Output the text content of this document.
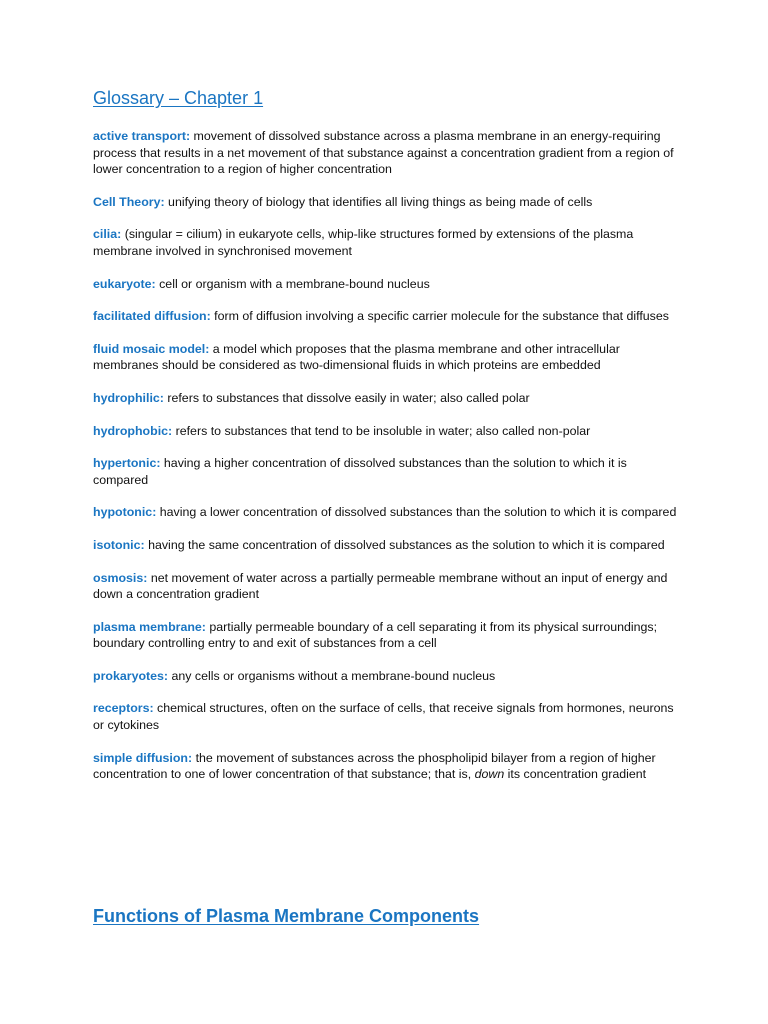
Glossary – Chapter 1

active transport: movement of dissolved substance across a plasma membrane in an energy-requiring process that results in a net movement of that substance against a concentration gradient from a region of lower concentration to a region of higher concentration

Cell Theory: unifying theory of biology that identifies all living things as being made of cells

cilia: (singular = cilium) in eukaryote cells, whip-like structures formed by extensions of the plasma membrane involved in synchronised movement

eukaryote: cell or organism with a membrane-bound nucleus

facilitated diffusion: form of diffusion involving a specific carrier molecule for the substance that diffuses

fluid mosaic model: a model which proposes that the plasma membrane and other intracellular membranes should be considered as two-dimensional fluids in which proteins are embedded

hydrophilic: refers to substances that dissolve easily in water; also called polar

hydrophobic: refers to substances that tend to be insoluble in water; also called non-polar

hypertonic: having a higher concentration of dissolved substances than the solution to which it is compared

hypotonic: having a lower concentration of dissolved substances than the solution to which it is compared

isotonic: having the same concentration of dissolved substances as the solution to which it is compared

osmosis: net movement of water across a partially permeable membrane without an input of energy and down a concentration gradient

plasma membrane: partially permeable boundary of a cell separating it from its physical surroundings; boundary controlling entry to and exit of substances from a cell

prokaryotes: any cells or organisms without a membrane-bound nucleus

receptors: chemical structures, often on the surface of cells, that receive signals from hormones, neurons or cytokines

simple diffusion: the movement of substances across the phospholipid bilayer from a region of higher concentration to one of lower concentration of that substance; that is, down its concentration gradient

Functions of Plasma Membrane Components
